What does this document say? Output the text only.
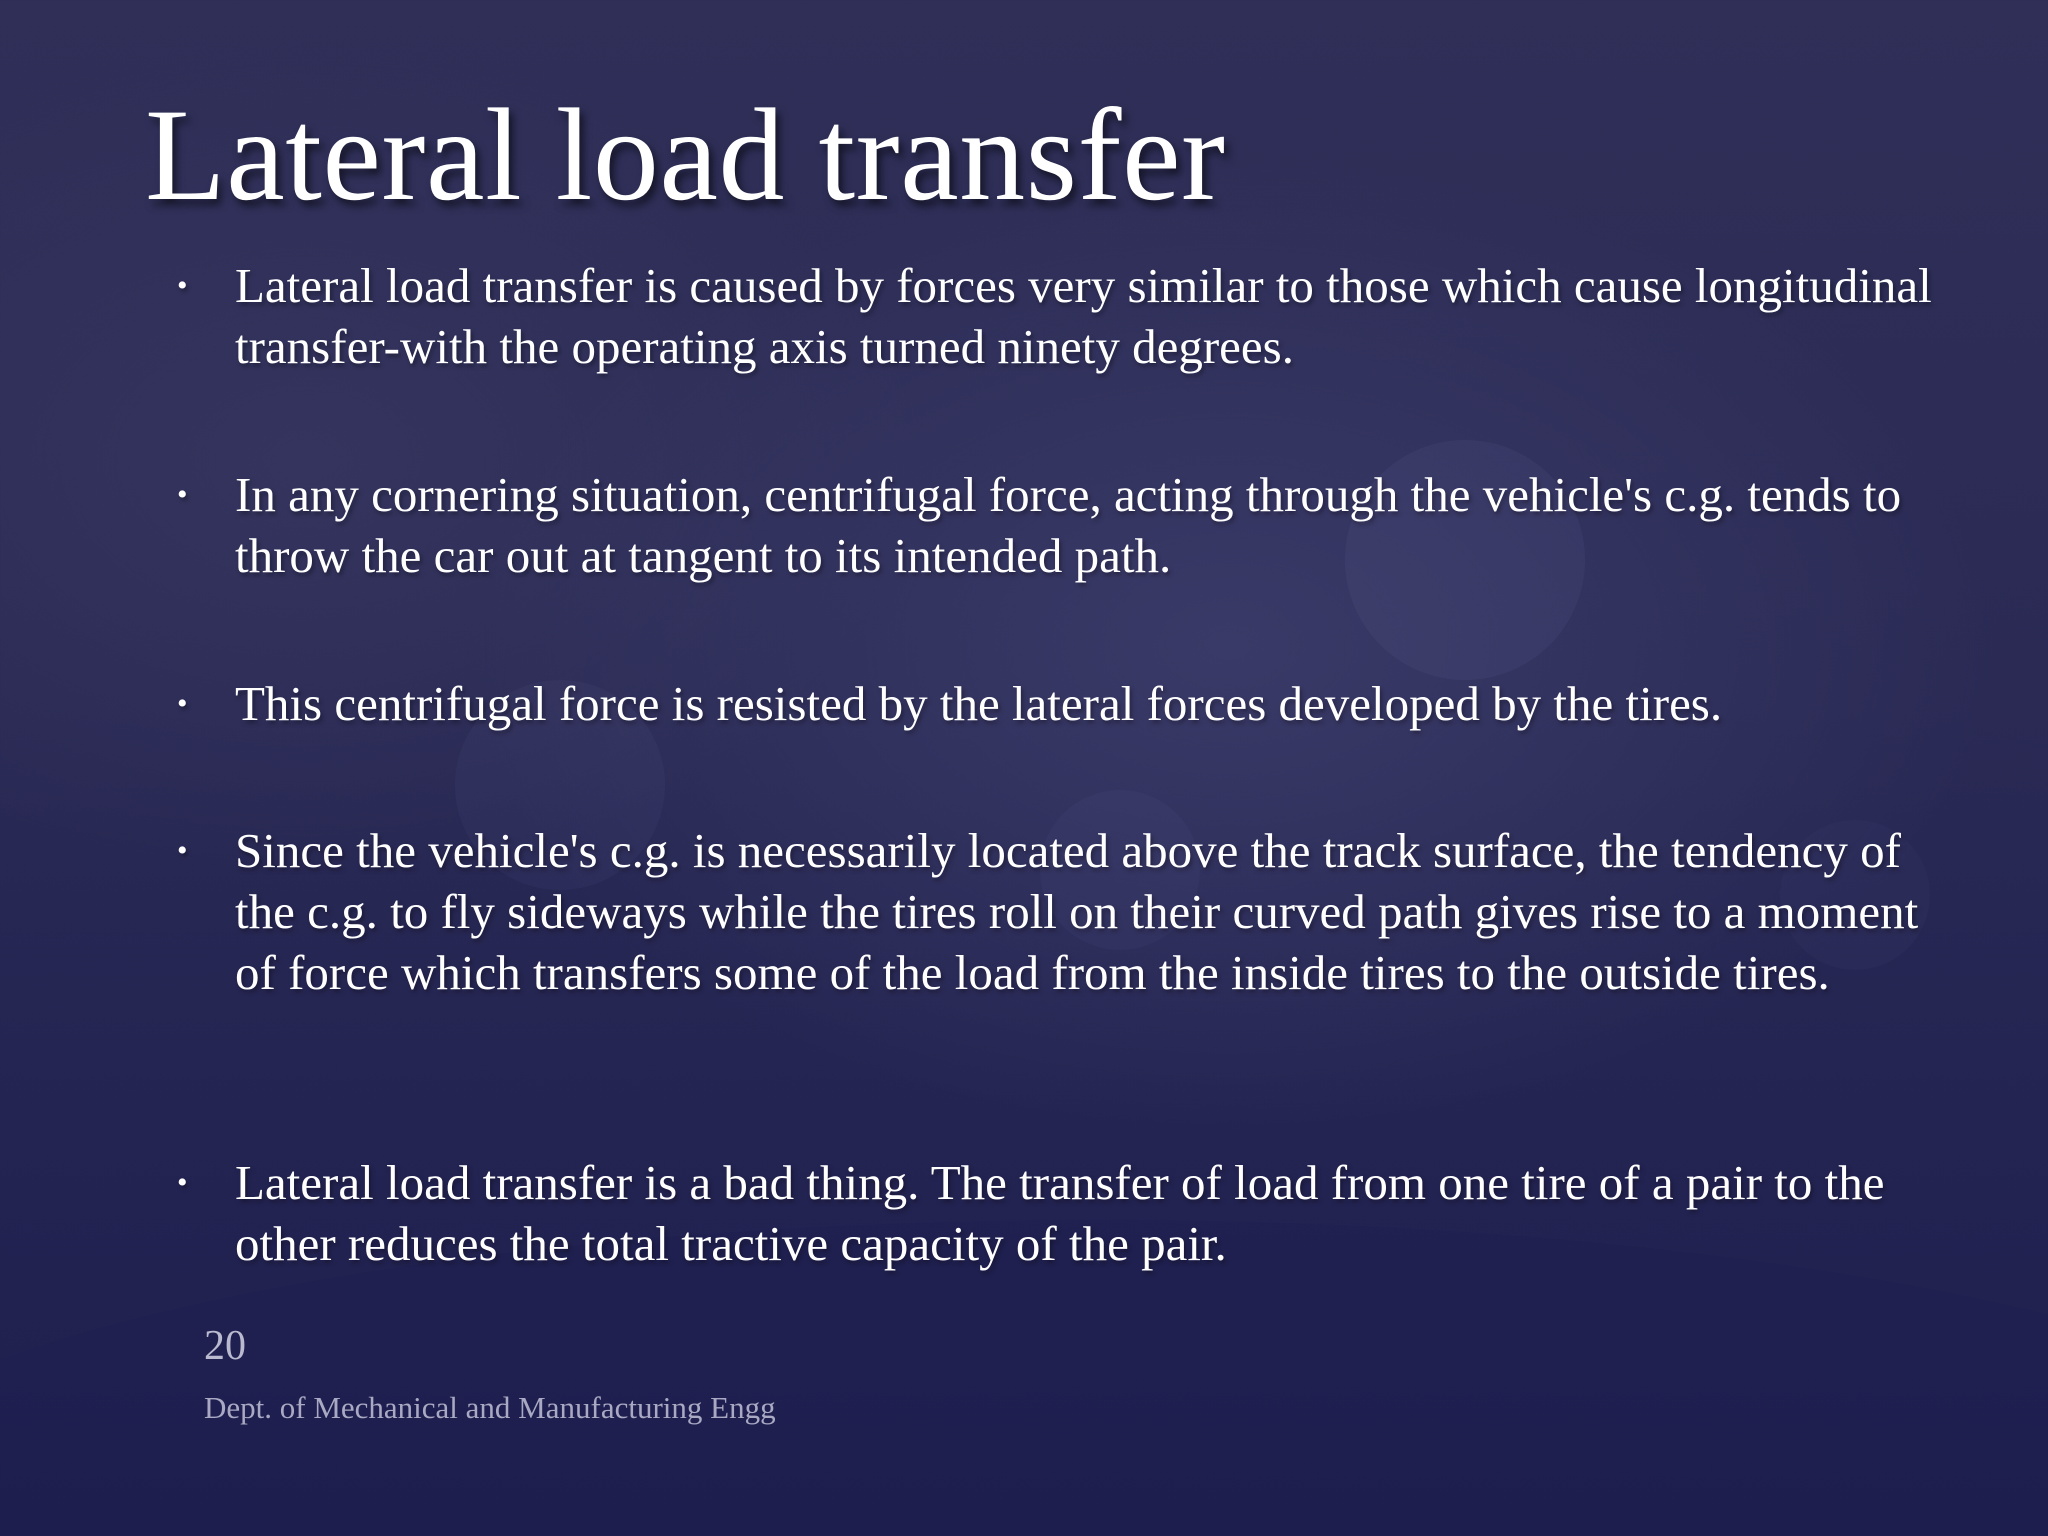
Lateral load transfer
• Lateral load transfer is caused by forces very similar to those which cause longitudinal transfer-with the operating axis turned ninety degrees.
• In any cornering situation, centrifugal force, acting through the vehicle's c.g. tends to throw the car out at tangent to its intended path.
• This centrifugal force is resisted by the lateral forces developed by the tires.
• Since the vehicle's c.g. is necessarily located above the track surface, the tendency of the c.g. to fly sideways while the tires roll on their curved path gives rise to a moment of force which transfers some of the load from the inside tires to the outside tires.
• Lateral load transfer is a bad thing. The transfer of load from one tire of a pair to the other reduces the total tractive capacity of the pair.
20
Dept. of Mechanical and Manufacturing Engg
